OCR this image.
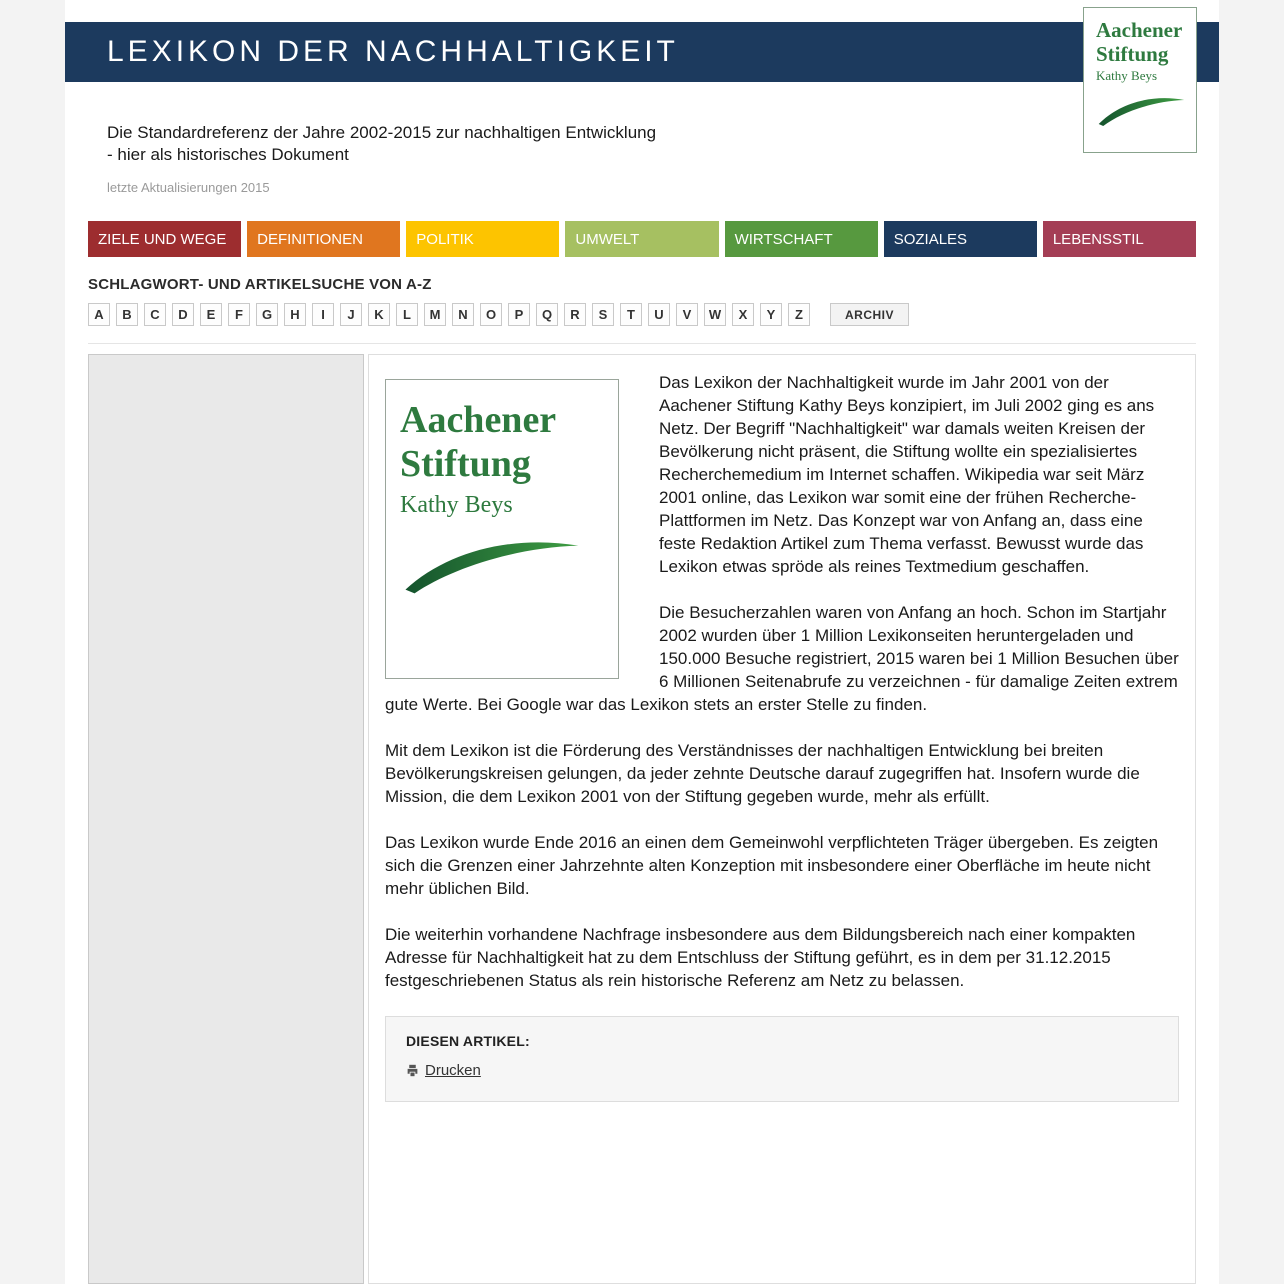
LEXIKON DER NACHHALTIGKEIT
Aachener
Stiftung
Kathy Beys
Die Standardreferenz der Jahre 2002-2015 zur nachhaltigen Entwicklung
- hier als historisches Dokument
letzte Aktualisierungen 2015
ZIELE UND WEGE	DEFINITIONEN	POLITIK	UMWELT	WIRTSCHAFT	SOZIALES	LEBENSSTIL
SCHLAGWORT- UND ARTIKELSUCHE VON A-Z
A	B	C	D	E	F	G	H	I	J	K	L	M	N	O	P	Q	R	S	T	U	V	W	X	Y	Z	ARCHIV
Aachener
Stiftung
Kathy Beys

Das Lexikon der Nachhaltigkeit wurde im Jahr 2001 von der Aachener Stiftung Kathy Beys konzipiert, im Juli 2002 ging es ans Netz. Der Begriff "Nachhaltigkeit" war damals weiten Kreisen der Bevölkerung nicht präsent, die Stiftung wollte ein spezialisiertes Recherchemedium im Internet schaffen. Wikipedia war seit März 2001 online, das Lexikon war somit eine der frühen Recherche-Plattformen im Netz. Das Konzept war von Anfang an, dass eine feste Redaktion Artikel zum Thema verfasst. Bewusst wurde das Lexikon etwas spröde als reines Textmedium geschaffen.

Die Besucherzahlen waren von Anfang an hoch. Schon im Startjahr 2002 wurden über 1 Million Lexikonseiten heruntergeladen und 150.000 Besuche registriert, 2015 waren bei 1 Million Besuchen über 6 Millionen Seitenabrufe zu verzeichnen - für damalige Zeiten extrem gute Werte. Bei Google war das Lexikon stets an erster Stelle zu finden.

Mit dem Lexikon ist die Förderung des Verständnisses der nachhaltigen Entwicklung bei breiten Bevölkerungskreisen gelungen, da jeder zehnte Deutsche darauf zugegriffen hat. Insofern wurde die Mission, die dem Lexikon 2001 von der Stiftung gegeben wurde, mehr als erfüllt.

Das Lexikon wurde Ende 2016 an einen dem Gemeinwohl verpflichteten Träger übergeben. Es zeigten sich die Grenzen einer Jahrzehnte alten Konzeption mit insbesondere einer Oberfläche im heute nicht mehr üblichen Bild.

Die weiterhin vorhandene Nachfrage insbesondere aus dem Bildungsbereich nach einer kompakten Adresse für Nachhaltigkeit hat zu dem Entschluss der Stiftung geführt, es in dem per 31.12.2015 festgeschriebenen Status als rein historische Referenz am Netz zu belassen.

DIESEN ARTIKEL:
Drucken
